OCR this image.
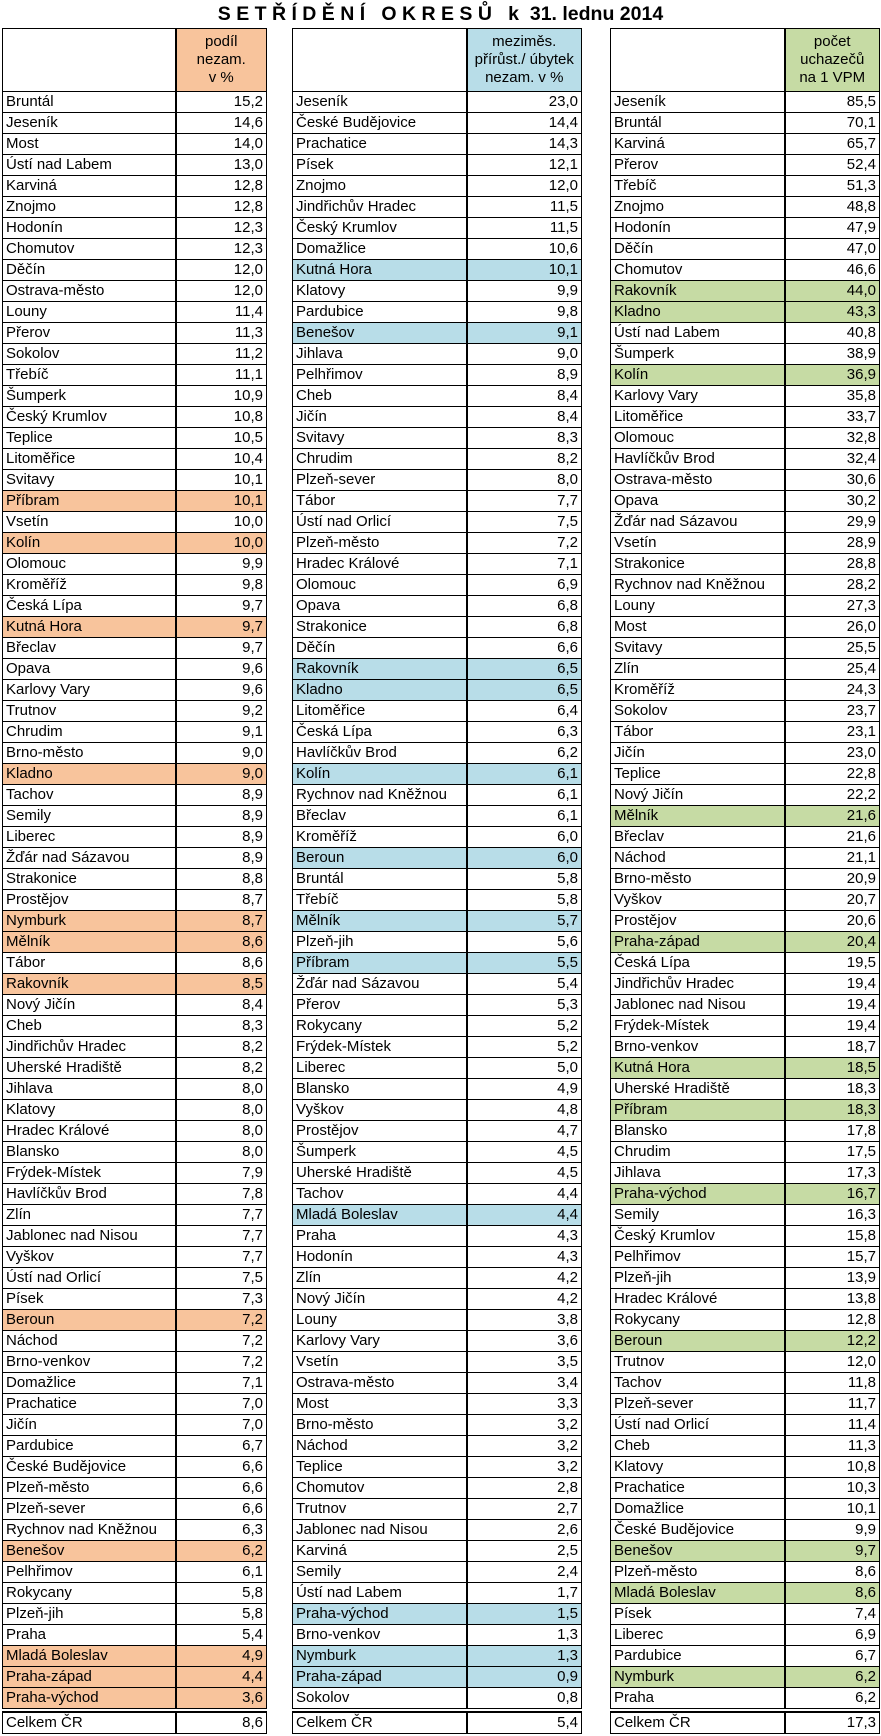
S E T Ř Í D Ě N Í   O K R E S Ů   k  31. lednu 2014
	podíl
nezam.
v %
Bruntál	15,2
Jeseník	14,6
Most	14,0
Ústí nad Labem	13,0
Karviná	12,8
Znojmo	12,8
Hodonín	12,3
Chomutov	12,3
Děčín	12,0
Ostrava-město	12,0
Louny	11,4
Přerov	11,3
Sokolov	11,2
Třebíč	11,1
Šumperk	10,9
Český Krumlov	10,8
Teplice	10,5
Litoměřice	10,4
Svitavy	10,1
Příbram	10,1
Vsetín	10,0
Kolín	10,0
Olomouc	9,9
Kroměříž	9,8
Česká Lípa	9,7
Kutná Hora	9,7
Břeclav	9,7
Opava	9,6
Karlovy Vary	9,6
Trutnov	9,2
Chrudim	9,1
Brno-město	9,0
Kladno	9,0
Tachov	8,9
Semily	8,9
Liberec	8,9
Žďár nad Sázavou	8,9
Strakonice	8,8
Prostějov	8,7
Nymburk	8,7
Mělník	8,6
Tábor	8,6
Rakovník	8,5
Nový Jičín	8,4
Cheb	8,3
Jindřichův Hradec	8,2
Uherské Hradiště	8,2
Jihlava	8,0
Klatovy	8,0
Hradec Králové	8,0
Blansko	8,0
Frýdek-Místek	7,9
Havlíčkův Brod	7,8
Zlín	7,7
Jablonec nad Nisou	7,7
Vyškov	7,7
Ústí nad Orlicí	7,5
Písek	7,3
Beroun	7,2
Náchod	7,2
Brno-venkov	7,2
Domažlice	7,1
Prachatice	7,0
Jičín	7,0
Pardubice	6,7
České Budějovice	6,6
Plzeň-město	6,6
Plzeň-sever	6,6
Rychnov nad Kněžnou	6,3
Benešov	6,2
Pelhřimov	6,1
Rokycany	5,8
Plzeň-jih	5,8
Praha	5,4
Mladá Boleslav	4,9
Praha-západ	4,4
Praha-východ	3,6

Celkem ČR	8,6
	meziměs.
přírůst./ úbytek
nezam. v %
Jeseník	23,0
České Budějovice	14,4
Prachatice	14,3
Písek	12,1
Znojmo	12,0
Jindřichův Hradec	11,5
Český Krumlov	11,5
Domažlice	10,6
Kutná Hora	10,1
Klatovy	9,9
Pardubice	9,8
Benešov	9,1
Jihlava	9,0
Pelhřimov	8,9
Cheb	8,4
Jičín	8,4
Svitavy	8,3
Chrudim	8,2
Plzeň-sever	8,0
Tábor	7,7
Ústí nad Orlicí	7,5
Plzeň-město	7,2
Hradec Králové	7,1
Olomouc	6,9
Opava	6,8
Strakonice	6,8
Děčín	6,6
Rakovník	6,5
Kladno	6,5
Litoměřice	6,4
Česká Lípa	6,3
Havlíčkův Brod	6,2
Kolín	6,1
Rychnov nad Kněžnou	6,1
Břeclav	6,1
Kroměříž	6,0
Beroun	6,0
Bruntál	5,8
Třebíč	5,8
Mělník	5,7
Plzeň-jih	5,6
Příbram	5,5
Žďár nad Sázavou	5,4
Přerov	5,3
Rokycany	5,2
Frýdek-Místek	5,2
Liberec	5,0
Blansko	4,9
Vyškov	4,8
Prostějov	4,7
Šumperk	4,5
Uherské Hradiště	4,5
Tachov	4,4
Mladá Boleslav	4,4
Praha	4,3
Hodonín	4,3
Zlín	4,2
Nový Jičín	4,2
Louny	3,8
Karlovy Vary	3,6
Vsetín	3,5
Ostrava-město	3,4
Most	3,3
Brno-město	3,2
Náchod	3,2
Teplice	3,2
Chomutov	2,8
Trutnov	2,7
Jablonec nad Nisou	2,6
Karviná	2,5
Semily	2,4
Ústí nad Labem	1,7
Praha-východ	1,5
Brno-venkov	1,3
Nymburk	1,3
Praha-západ	0,9
Sokolov	0,8

Celkem ČR	5,4
	počet
uchazečů
na 1 VPM
Jeseník	85,5
Bruntál	70,1
Karviná	65,7
Přerov	52,4
Třebíč	51,3
Znojmo	48,8
Hodonín	47,9
Děčín	47,0
Chomutov	46,6
Rakovník	44,0
Kladno	43,3
Ústí nad Labem	40,8
Šumperk	38,9
Kolín	36,9
Karlovy Vary	35,8
Litoměřice	33,7
Olomouc	32,8
Havlíčkův Brod	32,4
Ostrava-město	30,6
Opava	30,2
Žďár nad Sázavou	29,9
Vsetín	28,9
Strakonice	28,8
Rychnov nad Kněžnou	28,2
Louny	27,3
Most	26,0
Svitavy	25,5
Zlín	25,4
Kroměříž	24,3
Sokolov	23,7
Tábor	23,1
Jičín	23,0
Teplice	22,8
Nový Jičín	22,2
Mělník	21,6
Břeclav	21,6
Náchod	21,1
Brno-město	20,9
Vyškov	20,7
Prostějov	20,6
Praha-západ	20,4
Česká Lípa	19,5
Jindřichův Hradec	19,4
Jablonec nad Nisou	19,4
Frýdek-Místek	19,4
Brno-venkov	18,7
Kutná Hora	18,5
Uherské Hradiště	18,3
Příbram	18,3
Blansko	17,8
Chrudim	17,5
Jihlava	17,3
Praha-východ	16,7
Semily	16,3
Český Krumlov	15,8
Pelhřimov	15,7
Plzeň-jih	13,9
Hradec Králové	13,8
Rokycany	12,8
Beroun	12,2
Trutnov	12,0
Tachov	11,8
Plzeň-sever	11,7
Ústí nad Orlicí	11,4
Cheb	11,3
Klatovy	10,8
Prachatice	10,3
Domažlice	10,1
České Budějovice	9,9
Benešov	9,7
Plzeň-město	8,6
Mladá Boleslav	8,6
Písek	7,4
Liberec	6,9
Pardubice	6,7
Nymburk	6,2
Praha	6,2

Celkem ČR	17,3
